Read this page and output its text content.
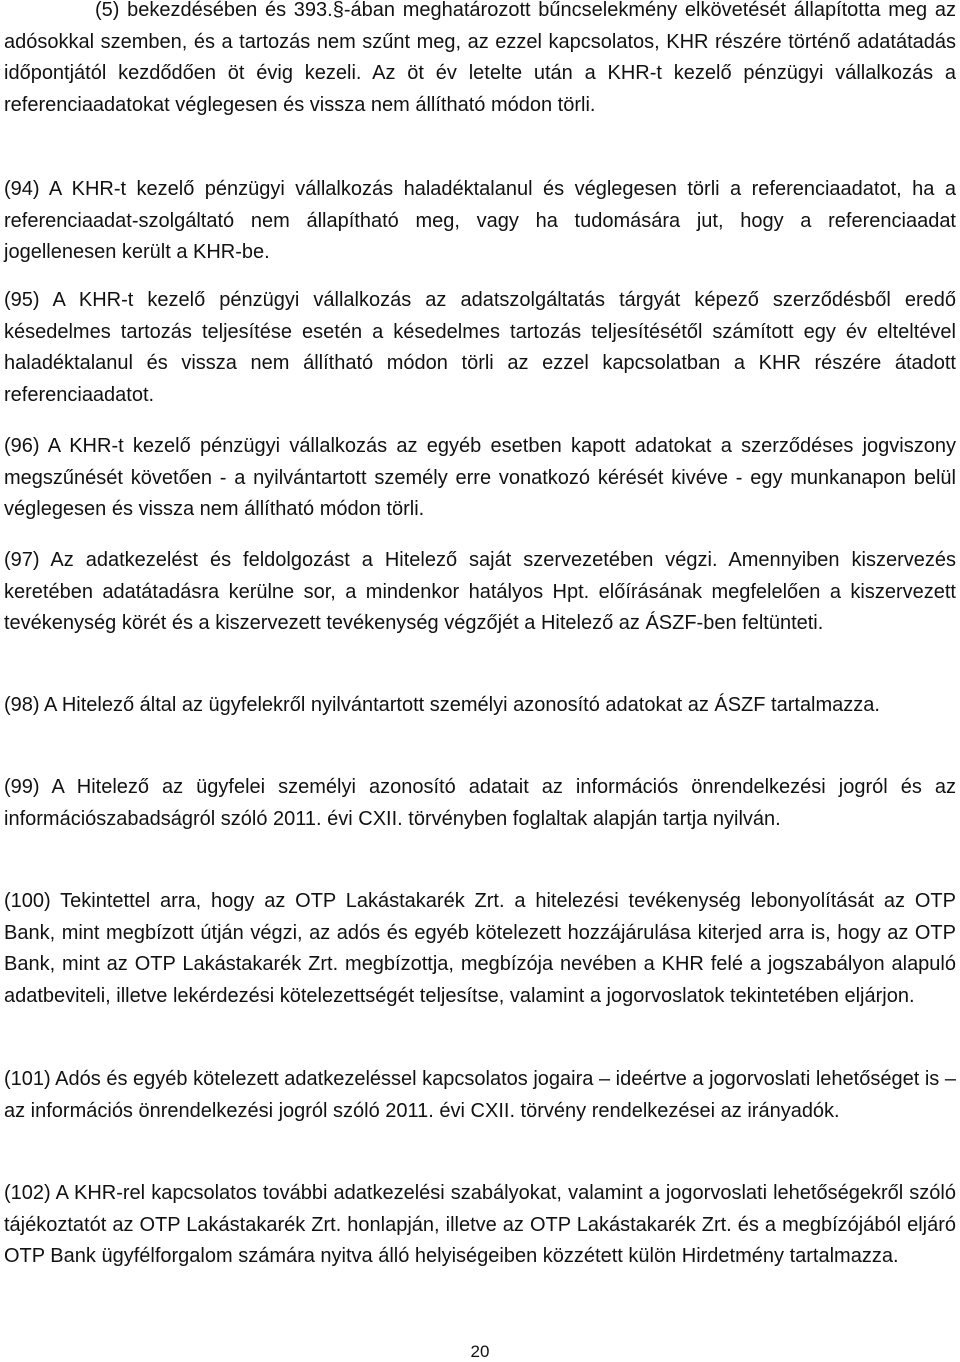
(5) bekezdésében és 393.§-ában meghatározott bűncselekmény elkövetését állapította meg az adósokkal szemben, és a tartozás nem szűnt meg, az ezzel kapcsolatos, KHR részére történő adatátadás időpontjától kezdődően öt évig kezeli. Az öt év letelte után a KHR-t kezelő pénzügyi vállalkozás a referenciaadatokat véglegesen és vissza nem állítható módon törli.

(94) A KHR-t kezelő pénzügyi vállalkozás haladéktalanul és véglegesen törli a referenciaadatot, ha a referenciaadat-szolgáltató nem állapítható meg, vagy ha tudomására jut, hogy a referenciaadat jogellenesen került a KHR-be.

(95) A KHR-t kezelő pénzügyi vállalkozás az adatszolgáltatás tárgyát képező szerződésből eredő késedelmes tartozás teljesítése esetén a késedelmes tartozás teljesítésétől számított egy év elteltével haladéktalanul és vissza nem állítható módon törli az ezzel kapcsolatban a KHR részére átadott referenciaadatot.

(96) A KHR-t kezelő pénzügyi vállalkozás az egyéb esetben kapott adatokat a szerződéses jogviszony megszűnését követően - a nyilvántartott személy erre vonatkozó kérését kivéve - egy munkanapon belül véglegesen és vissza nem állítható módon törli.

(97) Az adatkezelést és feldolgozást a Hitelező saját szervezetében végzi. Amennyiben kiszervezés keretében adatátadásra kerülne sor, a mindenkor hatályos Hpt. előírásának megfelelően a kiszervezett tevékenység körét és a kiszervezett tevékenység végzőjét a Hitelező az ÁSZF-ben feltünteti.

(98) A Hitelező által az ügyfelekről nyilvántartott személyi azonosító adatokat az ÁSZF tartalmazza.

(99) A Hitelező az ügyfelei személyi azonosító adatait az információs önrendelkezési jogról és az információszabadságról szóló 2011. évi CXII. törvényben foglaltak alapján tartja nyilván.

(100) Tekintettel arra, hogy az OTP Lakástakarék Zrt. a hitelezési tevékenység lebonyolítását az OTP Bank, mint megbízott útján végzi, az adós és egyéb kötelezett hozzájárulása kiterjed arra is, hogy az OTP Bank, mint az OTP Lakástakarék Zrt. megbízottja, megbízója nevében a KHR felé a jogszabályon alapuló adatbeviteli, illetve lekérdezési kötelezettségét teljesítse, valamint a jogorvoslatok tekintetében eljárjon.

(101) Adós és egyéb kötelezett adatkezeléssel kapcsolatos jogaira – ideértve a jogorvoslati lehetőséget is – az információs önrendelkezési jogról szóló 2011. évi CXII. törvény rendelkezései az irányadók.

(102) A KHR-rel kapcsolatos további adatkezelési szabályokat, valamint a jogorvoslati lehetőségekről szóló tájékoztatót az OTP Lakástakarék Zrt. honlapján, illetve az OTP Lakástakarék Zrt. és a megbízójából eljáró OTP Bank ügyfélforgalom számára nyitva álló helyiségeiben közzétett külön Hirdetmény tartalmazza.

20
